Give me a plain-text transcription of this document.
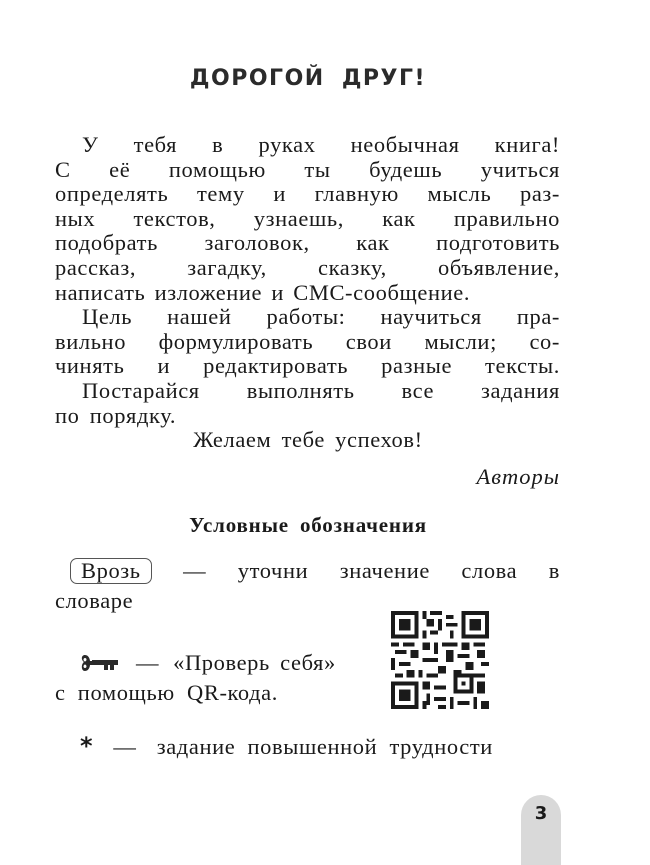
ДОРОГОЙ ДРУГ!
У тебя в руках необычная книга!
С её помощью ты будешь учиться
определять тему и главную мысль раз-
ных текстов, узнаешь, как правильно
подобрать заголовок, как подготовить
рассказ, загадку, сказку, объявление,
написать изложение и СМС-сообщение.
Цель нашей работы: научиться пра-
вильно формулировать свои мысли; со-
чинять и редактировать разные тексты.
Постарайся выполнять все задания
по порядку.
Желаем тебе успехов!
Авторы
Условные обозначения
Врозь	— уточни значение слова в
словаре
— «Проверь себя»
с помощью QR-кода.
* — задание повышенной трудности
3
